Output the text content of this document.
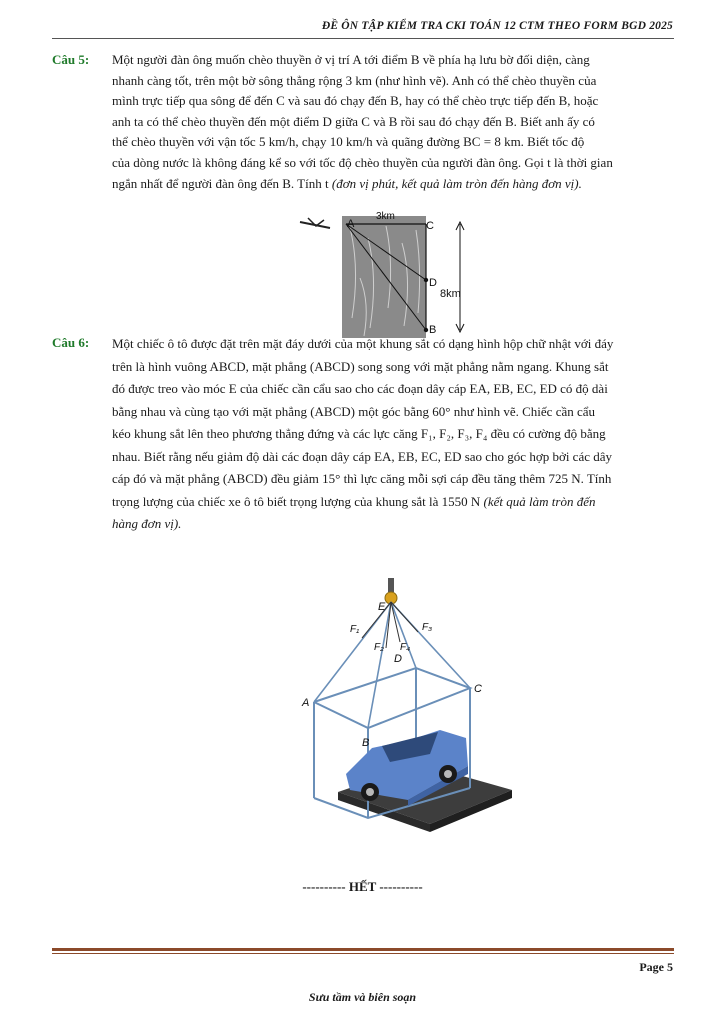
ĐỀ ÔN TẬP KIỂM TRA CKI TOÁN 12 CTM THEO FORM BGD 2025
Câu 5: Một người đàn ông muốn chèo thuyền ở vị trí A tới điểm B về phía hạ lưu bờ đối diện, càng
nhanh càng tốt, trên một bờ sông thẳng rộng 3 km (như hình vẽ). Anh có thể chèo thuyền của
mình trực tiếp qua sông để đến C và sau đó chạy đến B, hay có thể chèo trực tiếp đến B, hoặc
anh ta có thể chèo thuyền đến một điểm D giữa C và B rồi sau đó chạy đến B. Biết anh ấy có
thể chèo thuyền với vận tốc 5 km/h, chạy 10 km/h và quãng đường BC = 8 km. Biết tốc độ
của dòng nước là không đáng kể so với tốc độ chèo thuyền của người đàn ông. Gọi t là thời gian
ngắn nhất để người đàn ông đến B. Tính t (đơn vị phút, kết quả làm tròn đến hàng đơn vị).
A	C
D
B
3km
8km
Câu 6: Một chiếc ô tô được đặt trên mặt đáy dưới của một khung sắt có dạng hình hộp chữ nhật với đáy
trên là hình vuông ABCD, mặt phẳng (ABCD) song song với mặt phẳng nằm ngang. Khung sắt
đó được treo vào móc E của chiếc cần cẩu sao cho các đoạn dây cáp EA, EB, EC, ED có độ dài
bằng nhau và cùng tạo với mặt phẳng (ABCD) một góc bằng 60° như hình vẽ. Chiếc cần cẩu
kéo khung sắt lên theo phương thẳng đứng và các lực căng F₁, F₂, F₃, F₄ đều có cường độ bằng
nhau. Biết rằng nếu giảm độ dài các đoạn dây cáp EA, EB, EC, ED sao cho góc hợp bởi các dây
cáp đó và mặt phẳng (ABCD) đều giảm 15° thì lực căng mỗi sợi cáp đều tăng thêm 725 N. Tính
trọng lượng của chiếc xe ô tô biết trọng lượng của khung sắt là 1550 N (kết quả làm tròn đến
hàng đơn vị).
E
A
B
C
D
F₁
F₂
F₃
F₄
---------- HẾT ----------
Page 5
Sưu tầm và biên soạn
